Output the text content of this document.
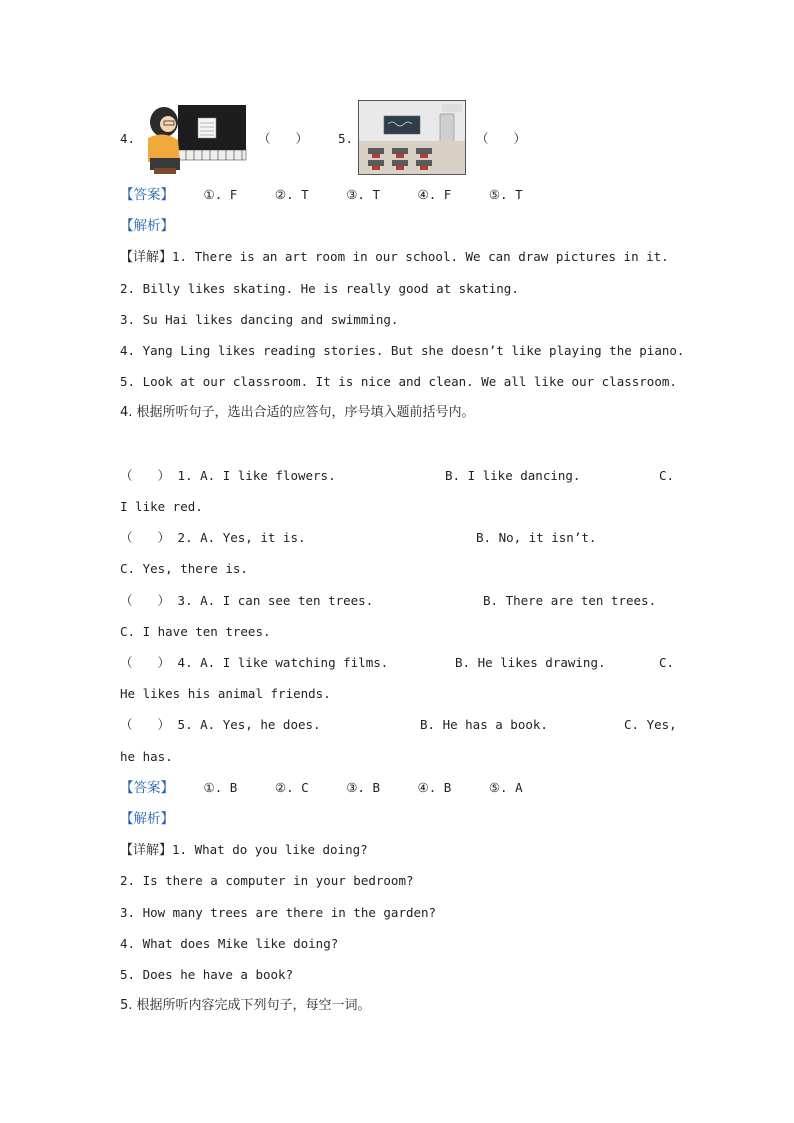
4.	（　　） 5.	（　　）
【答案】 ①. F	②. T	③. T	④. F	⑤. T
【解析】
【详解】1. There is an art room in our school. We can draw pictures in it.
2. Billy likes skating. He is really good at skating.
3. Su Hai likes dancing and swimming.
4. Yang Ling likes reading stories. But she doesn’t like playing the piano.
5. Look at our classroom. It is nice and clean. We all like our classroom.
4. 根据所听句子，选出合适的应答句，序号填入题前括号内。
（　　） 1. A. I like flowers.	B. I like dancing.	C.
I like red.
（　　） 2. A. Yes, it is.	B. No, it isn’t.
C. Yes, there is.
（　　） 3. A. I can see ten trees.	B. There are ten trees.
C. I have ten trees.
（　　） 4. A. I like watching films.	B. He likes drawing.	C.
He likes his animal friends.
（　　） 5. A. Yes, he does.	B. He has a book.	C. Yes,
he has.
【答案】 ①. B	②. C	③. B	④. B	⑤. A
【解析】
【详解】1. What do you like doing?
2. Is there a computer in your bedroom?
3. How many trees are there in the garden?
4. What does Mike like doing?
5. Does he have a book?
5. 根据所听内容完成下列句子，每空一词。
